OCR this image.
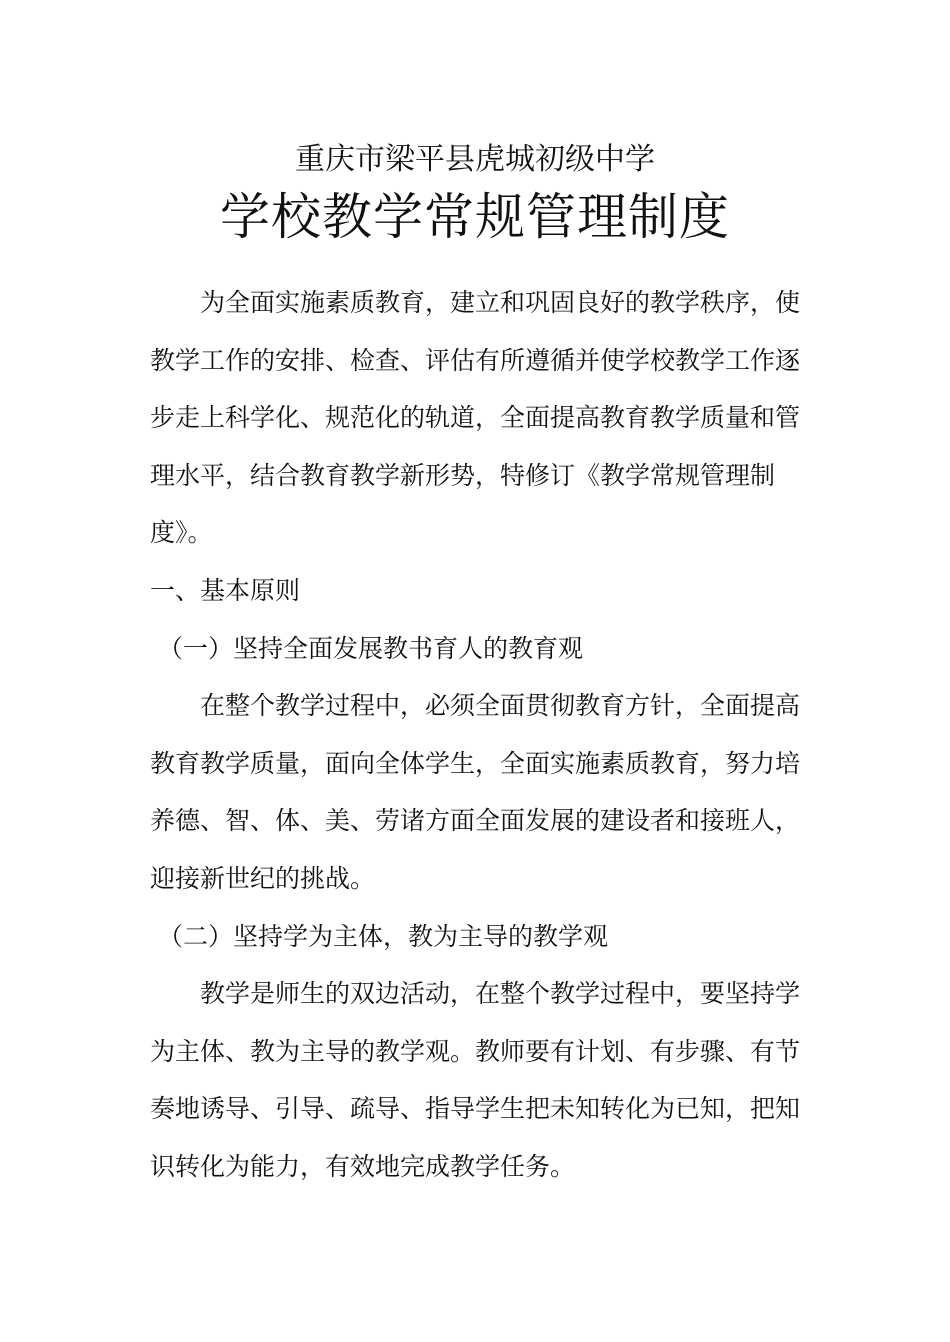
重庆市梁平县虎城初级中学
学校教学常规管理制度

为全面实施素质教育，建立和巩固良好的教学秩序，使教学工作的安排、检查、评估有所遵循并使学校教学工作逐步走上科学化、规范化的轨道，全面提高教育教学质量和管理水平，结合教育教学新形势，特修订《教学常规管理制度》。

一、基本原则

（一）坚持全面发展教书育人的教育观

在整个教学过程中，必须全面贯彻教育方针，全面提高教育教学质量，面向全体学生，全面实施素质教育，努力培养德、智、体、美、劳诸方面全面发展的建设者和接班人，迎接新世纪的挑战。

（二）坚持学为主体，教为主导的教学观

教学是师生的双边活动，在整个教学过程中，要坚持学为主体、教为主导的教学观。教师要有计划、有步骤、有节奏地诱导、引导、疏导、指导学生把未知转化为已知，把知识转化为能力，有效地完成教学任务。
